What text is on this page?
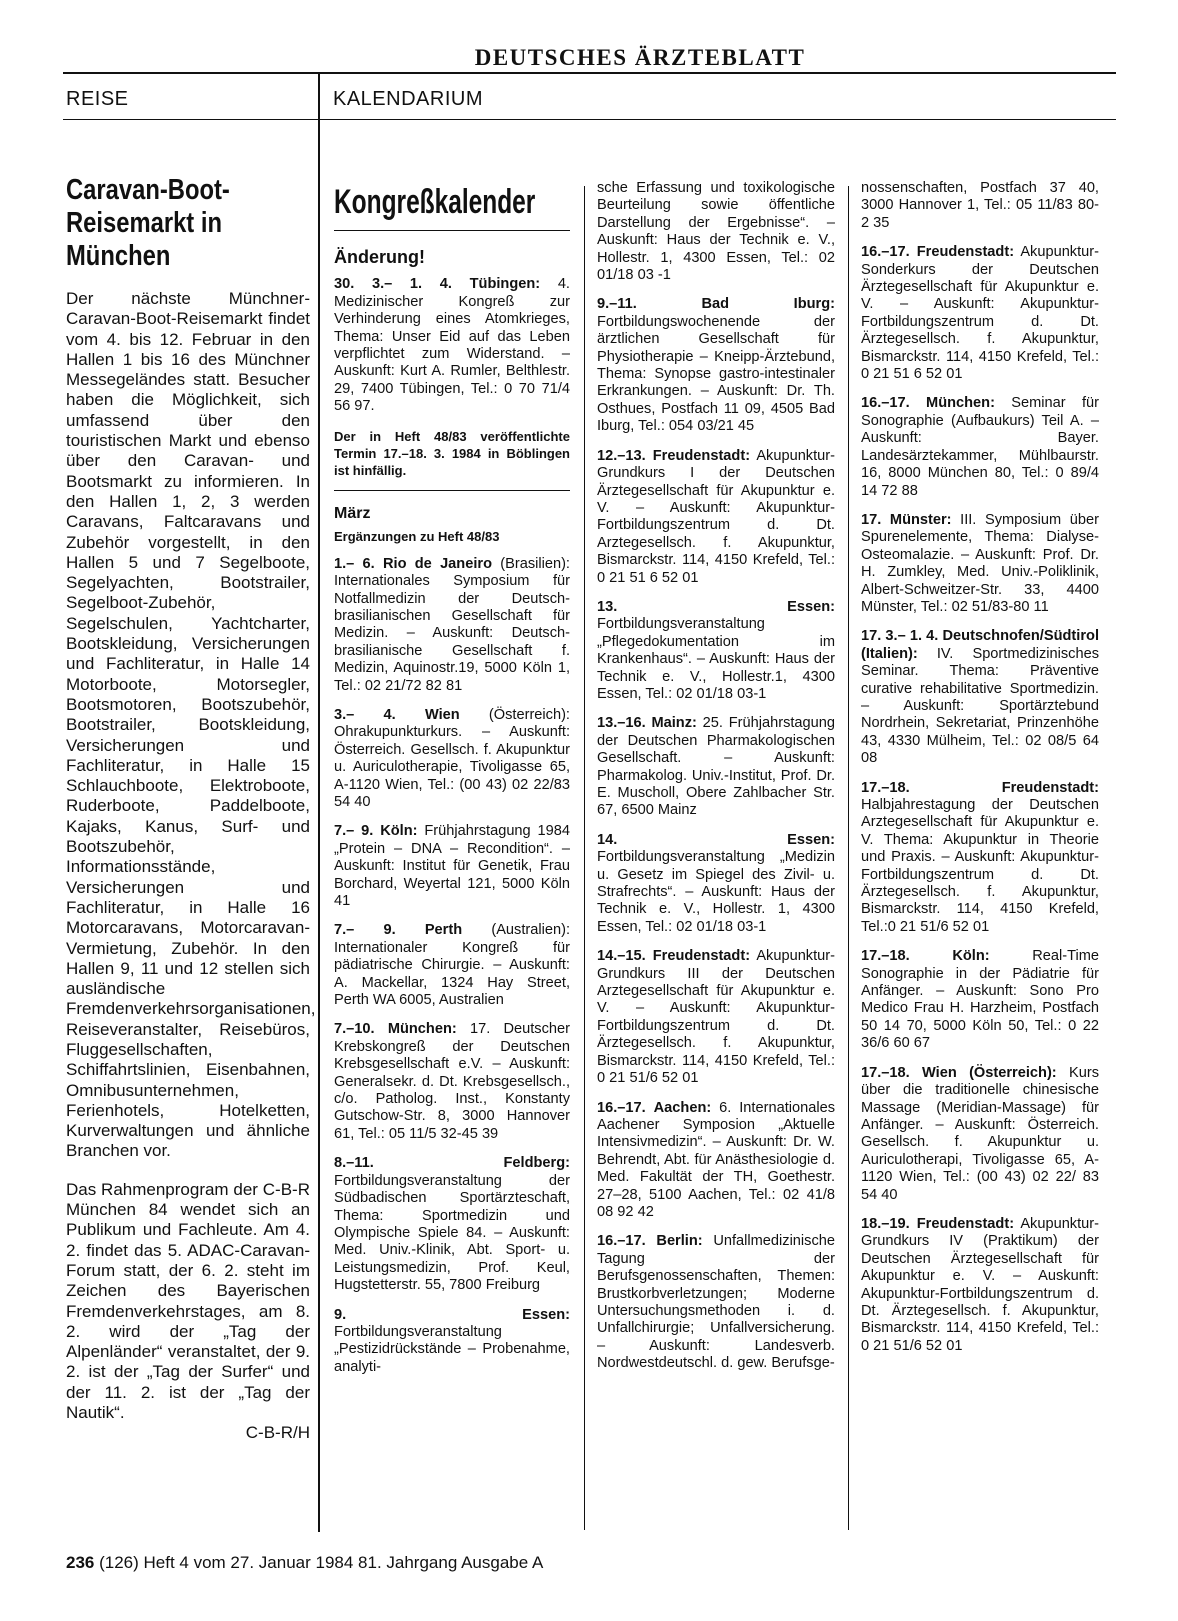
DEUTSCHES ÄRZTEBLATT
REISE	KALENDARIUM
Caravan-Boot-Reisemarkt in München

Der nächste Münchner-Caravan-Boot-Reisemarkt findet vom 4. bis 12. Februar in den Hallen 1 bis 16 des Münchner Messegeländes statt. Besucher haben die Möglichkeit, sich umfassend über den touristischen Markt und ebenso über den Caravan- und Bootsmarkt zu informieren. In den Hallen 1, 2, 3 werden Caravans, Faltcaravans und Zubehör vorgestellt, in den Hallen 5 und 7 Segelboote, Segelyachten, Bootstrailer, Segelboot-Zubehör, Segelschulen, Yachtcharter, Bootskleidung, Versicherungen und Fachliteratur, in Halle 14 Motorboote, Motorsegler, Bootsmotoren, Bootszubehör, Bootstrailer, Bootskleidung, Versicherungen und Fachliteratur, in Halle 15 Schlauchboote, Elektroboote, Ruderboote, Paddelboote, Kajaks, Kanus, Surf- und Bootszubehör, Informationsstände, Versicherungen und Fachliteratur, in Halle 16 Motorcaravans, Motorcaravan-Vermietung, Zubehör. In den Hallen 9, 11 und 12 stellen sich ausländische Fremdenverkehrsorganisationen, Reiseveranstalter, Reisebüros, Fluggesellschaften, Schiffahrtslinien, Eisenbahnen, Omnibusunternehmen, Ferienhotels, Hotelketten, Kurverwaltungen und ähnliche Branchen vor.

Das Rahmenprogram der C-B-R München 84 wendet sich an Publikum und Fachleute. Am 4. 2. findet das 5. ADAC-Caravan-Forum statt, der 6. 2. steht im Zeichen des Bayerischen Fremdenverkehrstages, am 8. 2. wird der „Tag der Alpenländer“ veranstaltet, der 9. 2. ist der „Tag der Surfer“ und der 11. 2. ist der „Tag der Nautik“.

C-B-R/H
Kongreßkalender
Änderung!
30. 3.– 1. 4. Tübingen: 4. Medizinischer Kongreß zur Verhinderung eines Atomkrieges, Thema: Unser Eid auf das Leben verpflichtet zum Widerstand. – Auskunft: Kurt A. Rumler, Belthlestr. 29, 7400 Tübingen, Tel.: 0 70 71/4 56 97.
Der in Heft 48/83 veröffentlichte Termin 17.–18. 3. 1984 in Böblingen ist hinfällig.
März
Ergänzungen zu Heft 48/83
1.– 6. Rio de Janeiro (Brasilien): Internationales Symposium für Notfallmedizin der Deutsch-brasilianischen Gesellschaft für Medizin. – Auskunft: Deutsch-brasilianische Gesellschaft f. Medizin, Aquinostr.19, 5000 Köln 1, Tel.: 02 21/72 82 81
3.– 4. Wien (Österreich): Ohrakupunkturkurs. – Auskunft: Österreich. Gesellsch. f. Akupunktur u. Auriculotherapie, Tivoligasse 65, A-1120 Wien, Tel.: (00 43) 02 22/83 54 40
7.– 9. Köln: Frühjahrstagung 1984 „Protein – DNA – Recondition“. – Auskunft: Institut für Genetik, Frau Borchard, Weyertal 121, 5000 Köln 41
7.– 9. Perth (Australien): Internationaler Kongreß für pädiatrische Chirurgie. – Auskunft: A. Mackellar, 1324 Hay Street, Perth WA 6005, Australien
7.–10. München: 17. Deutscher Krebskongreß der Deutschen Krebsgesellschaft e.V. – Auskunft: Generalsekr. d. Dt. Krebsgesellsch., c/o. Patholog. Inst., Konstanty Gutschow-Str. 8, 3000 Hannover 61, Tel.: 05 11/5 32-45 39
8.–11.	Feldberg: Fortbildungsveranstaltung der Südbadischen Sportärzteschaft, Thema: Sportmedizin und Olympische Spiele 84. – Auskunft: Med. Univ.-Klinik, Abt. Sport- u. Leistungsmedizin, Prof. Keul, Hugstetterstr. 55, 7800 Freiburg
9.	Essen: Fortbildungsveranstaltung „Pestizidrückstände – Probenahme, analyti-
sche Erfassung und toxikologische Beurteilung sowie öffentliche Darstellung der Ergebnisse“. – Auskunft: Haus der Technik e. V., Hollestr. 1, 4300 Essen, Tel.: 02 01/18 03 -1
9.–11.	Bad Iburg: Fortbildungswochenende der ärztlichen Gesellschaft für Physiotherapie – Kneipp-Ärztebund, Thema: Synopse gastro-intestinaler Erkrankungen. – Auskunft: Dr. Th. Osthues, Postfach 11 09, 4505 Bad Iburg, Tel.: 054 03/21 45
12.–13. Freudenstadt: Akupunktur-Grundkurs I der Deutschen Ärztegesellschaft für Akupunktur e. V. – Auskunft: Akupunktur-Fortbildungszentrum d. Dt. Arztegesellsch. f. Akupunktur, Bismarckstr. 114, 4150 Krefeld, Tel.: 0 21 51 6 52 01
13.	Essen: Fortbildungsveranstaltung „Pflegedokumentation im Krankenhaus“. – Auskunft: Haus der Technik e. V., Hollestr.1, 4300 Essen, Tel.: 02 01/18 03-1
13.–16. Mainz: 25. Frühjahrstagung der Deutschen Pharmakologischen Gesellschaft. – Auskunft: Pharmakolog. Univ.-Institut, Prof. Dr. E. Muscholl, Obere Zahlbacher Str. 67, 6500 Mainz
14.	Essen: Fortbildungsveranstaltung „Medizin u. Gesetz im Spiegel des Zivil- u. Strafrechts“. – Auskunft: Haus der Technik e. V., Hollestr. 1, 4300 Essen, Tel.: 02 01/18 03-1
14.–15. Freudenstadt: Akupunktur-Grundkurs III der Deutschen Arztegesellschaft für Akupunktur e. V. – Auskunft: Akupunktur-Fortbildungszentrum d. Dt. Ärztegesellsch. f. Akupunktur, Bismarckstr. 114, 4150 Krefeld, Tel.: 0 21 51/6 52 01
16.–17. Aachen: 6. Internationales Aachener Symposion „Aktuelle Intensivmedizin“. – Auskunft: Dr. W. Behrendt, Abt. für Anästhesiologie d. Med. Fakultät der TH, Goethestr. 27–28, 5100 Aachen, Tel.: 02 41/8 08 92 42
16.–17. Berlin: Unfallmedizinische Tagung der Berufsgenossenschaften, Themen: Brustkorbverletzungen; Moderne Untersuchungsmethoden i. d. Unfallchirurgie; Unfallversicherung. – Auskunft: Landesverb. Nordwestdeutschl. d. gew. Berufsge-
nossenschaften, Postfach 37 40, 3000 Hannover 1, Tel.: 05 11/83 80-2 35
16.–17. Freudenstadt: Akupunktur-Sonderkurs der Deutschen Ärztegesellschaft für Akupunktur e. V. – Auskunft: Akupunktur-Fortbildungszentrum d. Dt. Ärztegesellsch. f. Akupunktur, Bismarckstr. 114, 4150 Krefeld, Tel.: 0 21 51 6 52 01
16.–17. München: Seminar für Sonographie (Aufbaukurs) Teil A. – Auskunft: Bayer. Landesärztekammer, Mühlbaurstr. 16, 8000 München 80, Tel.: 0 89/4 14 72 88
17. Münster: III. Symposium über Spurenelemente, Thema: Dialyse-Osteomalazie. – Auskunft: Prof. Dr. H. Zumkley, Med. Univ.-Poliklinik, Albert-Schweitzer-Str. 33, 4400 Münster, Tel.: 02 51/83-80 11
17. 3.– 1. 4. Deutschnofen/Südtirol (Italien): IV. Sportmedizinisches Seminar. Thema: Präventive curative rehabilitative Sportmedizin. – Auskunft: Sportärztebund Nordrhein, Sekretariat, Prinzenhöhe 43, 4330 Mülheim, Tel.: 02 08/5 64 08
17.–18.	Freudenstadt: Halbjahrestagung der Deutschen Arztegesellschaft für Akupunktur e. V. Thema: Akupunktur in Theorie und Praxis. – Auskunft: Akupunktur-Fortbildungszentrum d. Dt. Ärztegesellsch. f. Akupunktur, Bismarckstr. 114, 4150 Krefeld, Tel.:0 21 51/6 52 01
17.–18.	Köln:	Real-Time Sonographie in der Pädiatrie für Anfänger. – Auskunft: Sono Pro Medico Frau H. Harzheim, Postfach 50 14 70, 5000 Köln 50, Tel.: 0 22 36/6 60 67
17.–18. Wien (Österreich): Kurs über die traditionelle chinesische Massage (Meridian-Massage) für Anfänger. – Auskunft: Österreich. Gesellsch. f. Akupunktur u. Auriculotherapi, Tivoligasse 65, A-1120 Wien, Tel.: (00 43) 02 22/ 83 54 40
18.–19. Freudenstadt: Akupunktur-Grundkurs IV (Praktikum) der Deutschen Ärztegesellschaft für Akupunktur e. V. – Auskunft: Akupunktur-Fortbildungszentrum d. Dt. Ärztegesellsch. f. Akupunktur, Bismarckstr. 114, 4150 Krefeld, Tel.: 0 21 51/6 52 01
236 (126) Heft 4 vom 27. Januar 1984 81. Jahrgang Ausgabe A
